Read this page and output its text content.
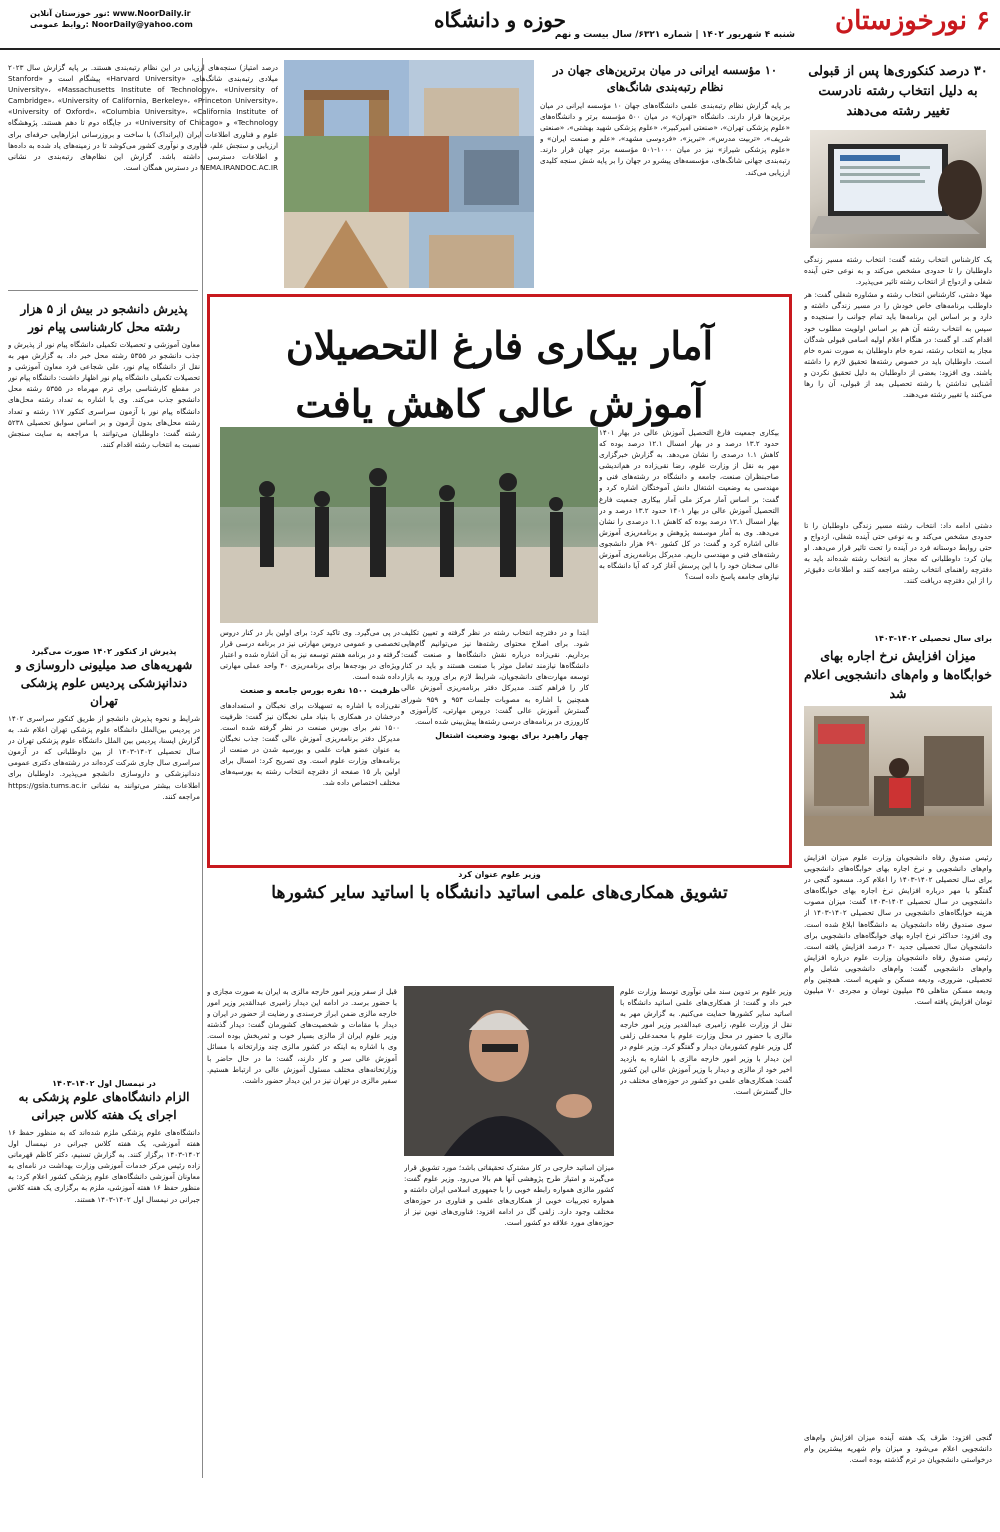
۶ نورخوزستان
شنبه ۴ شهریور ۱۴۰۲ | شماره ۶۳۲۱/ سال بیست و نهم
حوزه و دانشگاه
نور خوزستان آنلاین: www.NoorDaily.ir
روابط عمومی: NoorDaily@yahoo.com
۳۰ درصد کنکوری‌ها پس از قبولی به دلیل انتخاب رشته نادرست تغییر رشته می‌دهند

یک کارشناس انتخاب رشته گفت: انتخاب رشته مسیر زندگی داوطلبان را تا حدودی مشخص می‌کند و به نوعی حتی آینده شغلی و ازدواج از انتخاب رشته تاثیر می‌پذیرد.

مهلا دشتی، کارشناس انتخاب رشته و مشاوره شغلی گفت: هر داوطلب برنامه‌های خاص خودش را در مسیر زندگی داشته و دارد و بر اساس این برنامه‌ها باید تمام جوانب را سنجیده و سپس به انتخاب رشته آن هم بر اساس اولویت مطلوب خود اقدام کند. او گفت: در هنگام اعلام اولیه اسامی قبولی شدگان مجاز به انتخاب رشته، نمره خام داوطلبان به صورت نمره خام است. داوطلبان باید در خصوص رشته‌ها تحقیق لازم را داشته باشند. وی افزود: بعضی از داوطلبان به دلیل تحقیق نکردن و آشنایی نداشتن با رشته تحصیلی بعد از قبولی، آن را رها می‌کنند یا تغییر رشته می‌دهند.

دشتی ادامه داد: انتخاب رشته مسیر زندگی داوطلبان را تا حدودی مشخص می‌کند و به نوعی حتی آینده شغلی، ازدواج و حتی روابط دوستانه فرد در آینده را تحت تاثیر قرار می‌دهد. او بیان کرد: داوطلبانی که مجاز به انتخاب رشته شده‌اند باید به دفترچه راهنمای انتخاب رشته مراجعه کنند و اطلاعات دقیق‌تر را از این دفترچه دریافت کنند.
برای سال تحصیلی ۱۴۰۲-۱۴۰۳
میزان افزایش نرخ اجاره بهای خوابگاه‌ها و وام‌های دانشجویی اعلام شد
رئیس صندوق رفاه دانشجویان وزارت علوم میزان افزایش وام‌های دانشجویی و نرخ اجاره بهای خوابگاه‌های دانشجویی برای سال تحصیلی ۱۴۰۲-۱۴۰۳ را اعلام کرد. مسعود گنجی در گفتگو با مهر درباره افزایش نرخ اجاره بهای خوابگاه‌های دانشجویی در سال تحصیلی ۱۴۰۲-۱۴۰۳ گفت: میزان مصوب هزینه خوابگاه‌های دانشجویی در سال تحصیلی ۱۴۰۲-۱۴۰۳ از سوی صندوق رفاه دانشجویان به دانشگاه‌ها ابلاغ شده است. وی افزود: حداکثر نرخ اجاره بهای خوابگاه‌های دانشجویی برای دانشجویان سال تحصیلی جدید ۴۰ درصد افزایش یافته است. رئیس صندوق رفاه دانشجویان وزارت علوم درباره افزایش وام‌های دانشجویی گفت: وام‌های دانشجویی شامل وام تحصیلی، ضروری، ودیعه مسکن و شهریه است. همچنین وام ودیعه مسکن متاهلی ۳۵ میلیون تومان و مجردی ۷۰ میلیون تومان افزایش یافته است.
گنجی افزود: طرف یک هفته آینده میزان افزایش وام‌های دانشجویی اعلام می‌شود و میزان وام شهریه بیشترین وام درخواستی دانشجویان در ترم گذشته بوده است.
۱۰ مؤسسه ایرانی در میان برترین‌های جهان در نظام رتبه‌بندی شانگ‌های
بر پایه گزارش نظام رتبه‌بندی علمی دانشگاه‌های جهان ۱۰ مؤسسه ایرانی در میان برترین‌ها قرار دارند. دانشگاه «تهران» در میان ۵۰۰ مؤسسه برتر و دانشگاه‌های «علوم پزشکی تهران»، «صنعتی امیرکبیر»، «علوم پزشکی شهید بهشتی»، «صنعتی شریف»، «تربیت مدرس»، «تبریز»، «فردوسی مشهد»، «علم و صنعت ایران» و «علوم پزشکی شیراز» نیز در میان ۱۰۰۰-۵۰۱ مؤسسه برتر جهان قرار دارند. رتبه‌بندی جهانی شانگ‌های، مؤسسه‌های پیشرو در جهان را بر پایه شش سنجه کلیدی ارزیابی می‌کند.
درصد امتیاز) سنجه‌های ارزیابی در این نظام رتبه‌بندی هستند. بر پایه گزارش سال ۲۰۲۳ میلادی رتبه‌بندی شانگ‌های، «Harvard University» پیشگام است و «Stanford University»، «Massachusetts Institute of Technology»، «University of Cambridge»، «University of California, Berkeley»، «Princeton University»، «University of Oxford»، «Columbia University»، «California Institute of Technology» و «University of Chicago» در جایگاه دوم تا دهم هستند. پژوهشگاه علوم و فناوری اطلاعات ایران (ایرانداک) با ساخت و بروزرسانی ابزارهایی حرفه‌ای برای ارزیابی و سنجش علم، فناوری و نوآوری کشور می‌کوشد تا در زمینه‌های یاد شده به داده‌ها و اطلاعات دسترسی داشته باشد. گزارش این نظام‌های رتبه‌بندی در نشانی NEMA.IRANDOC.AC.IR در دسترس همگان است.
آمار بیکاری فارغ التحصیلان آموزش عالی کاهش یافت
بیکاری جمعیت فارغ التحصیل آموزش عالی در بهار ۱۴۰۱ حدود ۱۳.۲ درصد و در بهار امسال ۱۲.۱ درصد بوده که کاهش ۱.۱ درصدی را نشان می‌دهد. به گزارش خبرگزاری مهر به نقل از وزارت علوم، رضا نقی‌زاده در هم‌اندیشی صاحبنظران صنعت، جامعه و دانشگاه در رشته‌های فنی و مهندسی به وضعیت اشتغال دانش آموختگان اشاره کرد و گفت: بر اساس آمار مرکز ملی آمار بیکاری جمعیت فارغ التحصیل آموزش عالی در بهار ۱۴۰۱ حدود ۱۳.۲ درصد و در بهار امسال ۱۲.۱ درصد بوده که کاهش ۱.۱ درصدی را نشان می‌دهد. وی به آمار موسسه پژوهش و برنامه‌ریزی آموزش عالی اشاره کرد و گفت: در کل کشور ۶۹۰ هزار دانشجوی رشته‌های فنی و مهندسی داریم. مدیرکل برنامه‌ریزی آموزش عالی سخنان خود را با این پرسش آغاز کرد که آیا دانشگاه به نیازهای جامعه پاسخ داده است؟
ابتدا و در دفترچه انتخاب رشته در نظر گرفته و تعیین تکلیف شود. برای اصلاح محتوای رشته‌ها نیز می‌توانیم گام‌هایی برداریم. نقی‌زاده درباره نقش دانشگاه‌ها و صنعت گفت: دانشگاه‌ها نیازمند تعامل موثر با صنعت هستند و باید در کنار توسعه مهارت‌های دانشجویان، شرایط لازم برای ورود به بازار کار را فراهم کنند. مدیرکل دفتر برنامه‌ریزی آموزش عالی همچنین با اشاره به مصوبات جلسات ۹۵۴ و ۹۵۹ شورای گسترش آموزش عالی گفت: دروس مهارتی، کارآموزی و کارورزی در برنامه‌های درسی رشته‌ها پیش‌بینی شده است.
چهار راهبرد برای بهبود وضعیت اشتغال
در پی می‌گیرد. وی تاکید کرد: برای اولین بار در کنار دروس تخصصی و عمومی دروس مهارتی نیز در برنامه درسی قرار گرفته و در برنامه هفتم توسعه نیز به آن اشاره شده و اعتبار ویژه‌ای در بودجه‌ها برای برنامه‌ریزی ۴۰ واحد عملی مهارتی داده شده است.
ظرفیت ۱۵۰۰ نفره بورس جامعه و صنعت
نقی‌زاده با اشاره به تسهیلات برای نخبگان و استعدادهای درخشان در همکاری با بنیاد ملی نخبگان نیز گفت: ظرفیت ۱۵۰۰ نفر برای بورس صنعت در نظر گرفته شده است. مدیرکل دفتر برنامه‌ریزی آموزش عالی گفت: جذب نخبگان به عنوان عضو هیات علمی و بورسیه شدن در صنعت از برنامه‌های وزارت علوم است. وی تصریح کرد: امسال برای اولین بار ۱۵ صفحه از دفترچه انتخاب رشته به بورسیه‌های مختلف اختصاص داده شد.
پذیرش دانشجو در بیش از ۵ هزار رشته محل کارشناسی پیام نور
معاون آموزشی و تحصیلات تکمیلی دانشگاه پیام نور از پذیرش و جذب دانشجو در ۵۳۵۵ رشته محل خبر داد. به گزارش مهر به نقل از دانشگاه پیام نور، علی شجاعی فرد معاون آموزشی و تحصیلات تکمیلی دانشگاه پیام نور اظهار داشت: دانشگاه پیام نور در مقطع کارشناسی برای ترم مهرماه در ۵۳۵۵ رشته محل دانشجو جذب می‌کند. وی با اشاره به تعداد رشته محل‌های دانشگاه پیام نور با آزمون سراسری کنکور ۱۱۷ رشته و تعداد رشته محل‌های بدون آزمون و بر اساس سوابق تحصیلی ۵۲۳۸ رشته گفت: داوطلبان می‌توانند با مراجعه به سایت سنجش نسبت به انتخاب رشته اقدام کنند.
پذیرش از کنکور ۱۴۰۲ صورت می‌گیرد
شهریه‌های صد میلیونی داروسازی و دندانپزشکی پردیس علوم پزشکی تهران
شرایط و نحوه پذیرش دانشجو از طریق کنکور سراسری ۱۴۰۲ در پردیس بین‌الملل دانشگاه علوم پزشکی تهران اعلام شد. به گزارش ایسنا، پردیس بین الملل دانشگاه علوم پزشکی تهران در سال تحصیلی ۱۴۰۲-۱۴۰۳ از بین داوطلبانی که در آزمون سراسری سال جاری شرکت کرده‌اند در رشته‌های دکتری عمومی دندانپزشکی و داروسازی دانشجو می‌پذیرد. داوطلبان برای اطلاعات بیشتر می‌توانند به نشانی https://gsia.tums.ac.ir مراجعه کنند.
در نیمسال اول ۱۴۰۲-۱۴۰۳
الزام دانشگاه‌های علوم پزشکی به اجرای یک هفته کلاس جبرانی
دانشگاه‌های علوم پزشکی ملزم شده‌اند که به منظور حفظ ۱۶ هفته آموزشی، یک هفته کلاس جبرانی در نیمسال اول ۱۴۰۲-۱۴۰۳ برگزار کنند. به گزارش تسنیم، دکتر کاظم قهرمانی زاده رئیس مرکز خدمات آموزشی وزارت بهداشت در نامه‌ای به معاونان آموزشی دانشگاه‌های علوم پزشکی کشور اعلام کرد: به منظور حفظ ۱۶ هفته آموزشی، ملزم به برگزاری یک هفته کلاس جبرانی در نیمسال اول ۱۴۰۲-۱۴۰۳ هستند.
وزیر علوم عنوان کرد
تشویق همکاری‌های علمی اساتید دانشگاه با اساتید سایر کشورها
وزیر علوم بر تدوین سند ملی نوآوری توسط وزارت علوم خبر داد و گفت: از همکاری‌های علمی اساتید دانشگاه با اساتید سایر کشورها حمایت می‌کنیم. به گزارش مهر به نقل از وزارت علوم، زامیری عبدالقدیر وزیر امور خارجه مالزی با حضور در محل وزارت علوم با محمدعلی زلفی گل وزیر علوم کشورمان دیدار و گفتگو کرد. وزیر علوم در این دیدار با وزیر امور خارجه مالزی با اشاره به بازدید اخیر خود از مالزی و دیدار با وزیر آموزش عالی این کشور گفت: همکاری‌های علمی دو کشور در حوزه‌های مختلف در حال گسترش است.
میزان اساتید خارجی در کار مشترک تحقیقاتی باشد؛ مورد تشویق قرار می‌گیرند و امتیاز طرح پژوهشی آنها هم بالا می‌رود. وزیر علوم گفت: کشور مالزی همواره رابطه خوبی را با جمهوری اسلامی ایران داشته و همواره تجربیات خوبی از همکاری‌های علمی و فناوری در حوزه‌های مختلف وجود دارد. زلفی گل در ادامه افزود: فناوری‌های نوین نیز از حوزه‌های مورد علاقه دو کشور است.
قبل از سفر وزیر امور خارجه مالزی به ایران به صورت مجازی و با حضور برسد. در ادامه این دیدار زامیری عبدالقدیر وزیر امور خارجه مالزی ضمن ابراز خرسندی و رضایت از حضور در ایران و دیدار با مقامات و شخصیت‌های کشورمان گفت: دیدار گذشته وزیر علوم ایران از مالزی بسیار خوب و ثمربخش بوده است. وی با اشاره به اینکه در کشور مالزی چند وزارتخانه با مسائل آموزش عالی سر و کار دارند، گفت: ما در حال حاضر با وزارتخانه‌های مختلف مسئول آموزش عالی در ارتباط هستیم. سفیر مالزی در تهران نیز در این دیدار حضور داشت.
